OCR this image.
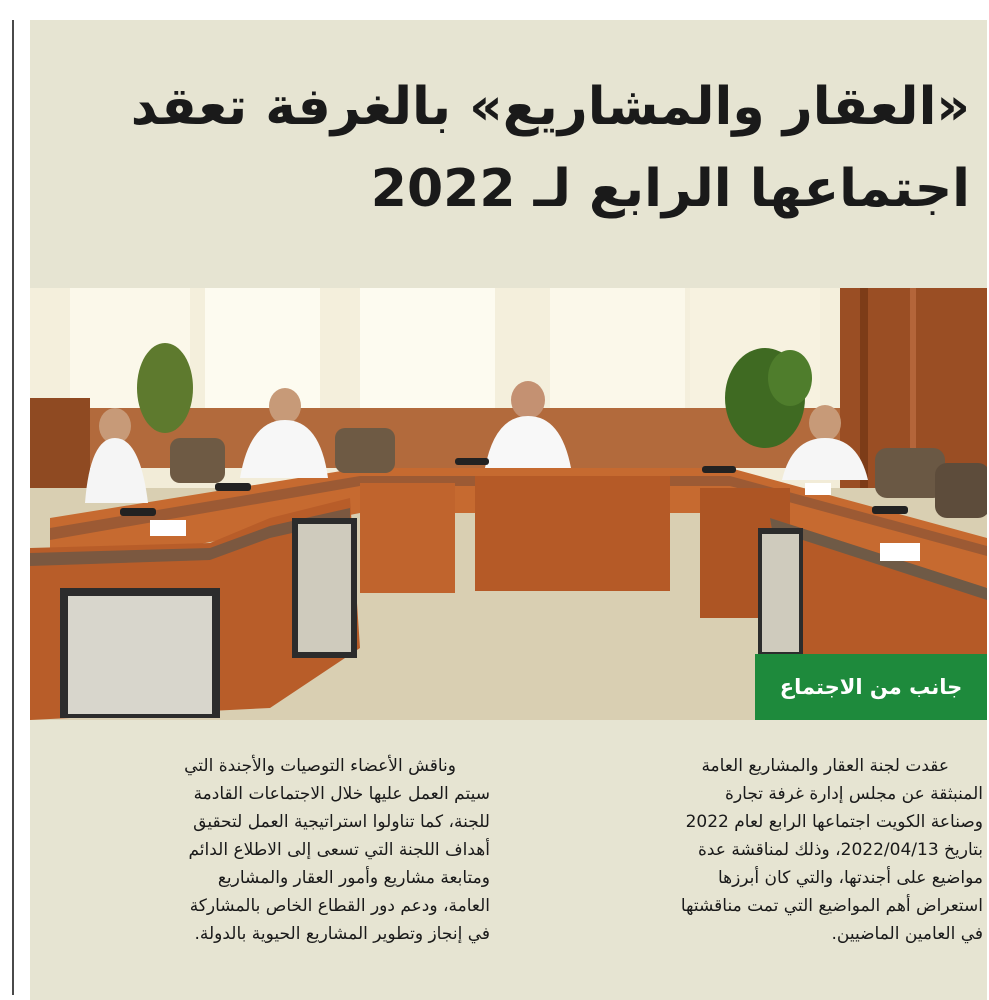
«العقار والمشاريع» بالغرفة تعقد
اجتماعها الرابع لـ 2022
جانب من الاجتماع
عقدت لجنة العقار والمشاريع العامة
المنبثقة عن مجلس إدارة غرفة تجارة
وصناعة الكويت اجتماعها الرابع لعام 2022
بتاريخ 2022/04/13، وذلك لمناقشة عدة
مواضيع على أجندتها، والتي كان أبرزها
استعراض أهم المواضيع التي تمت مناقشتها
في العامين الماضيين.
وناقش الأعضاء التوصيات والأجندة التي
سيتم العمل عليها خلال الاجتماعات القادمة
للجنة، كما تناولوا استراتيجية العمل لتحقيق
أهداف اللجنة التي تسعى إلى الاطلاع الدائم
ومتابعة مشاريع وأمور العقار والمشاريع
العامة، ودعم دور القطاع الخاص بالمشاركة
في إنجاز وتطوير المشاريع الحيوية بالدولة.
